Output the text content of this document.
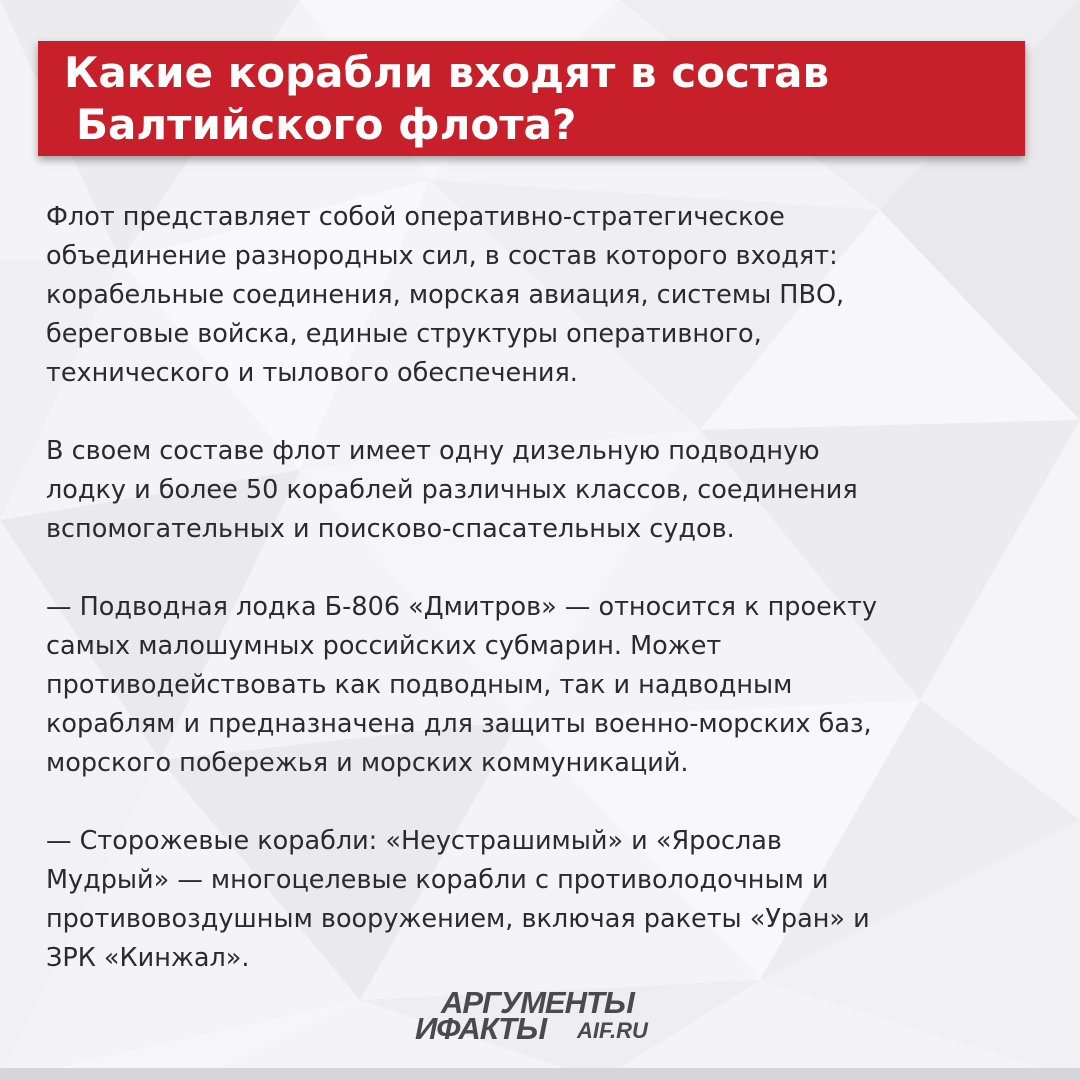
Какие корабли входят в состав
Балтийского флота?

Флот представляет собой оперативно-стратегическое
объединение разнородных сил, в состав которого входят:
корабельные соединения, морская авиация, системы ПВО,
береговые войска, единые структуры оперативного,
технического и тылового обеспечения.

В своем составе флот имеет одну дизельную подводную
лодку и более 50 кораблей различных классов, соединения
вспомогательных и поисково-спасательных судов.

— Подводная лодка Б-806 «Дмитров» — относится к проекту
самых малошумных российских субмарин. Может
противодействовать как подводным, так и надводным
кораблям и предназначена для защиты военно-морских баз,
морского побережья и морских коммуникаций.

— Сторожевые корабли: «Неустрашимый» и «Ярослав
Мудрый» — многоцелевые корабли с противолодочным и
противовоздушным вооружением, включая ракеты «Уран» и
ЗРК «Кинжал».

АРГУМЕНТЫ
ИФАКТЫ AIF.RU
